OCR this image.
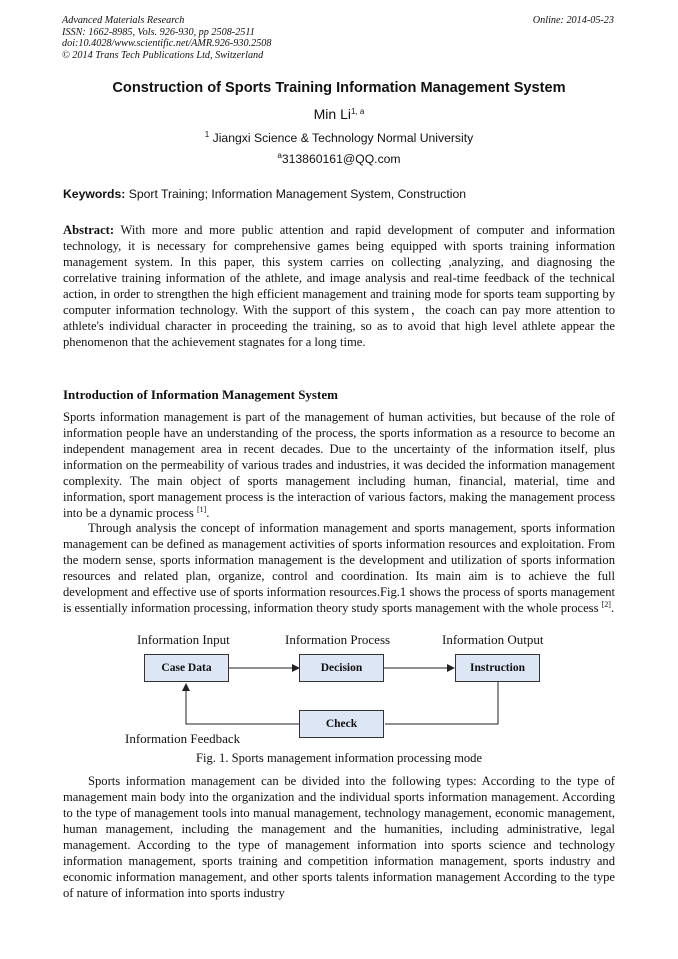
Advanced Materials Research
ISSN: 1662-8985, Vols. 926-930, pp 2508-2511
doi:10.4028/www.scientific.net/AMR.926-930.2508
© 2014 Trans Tech Publications Ltd, Switzerland
Online: 2014-05-23
Construction of Sports Training Information Management System
Min Li$^{1, a}$
$^1$ Jiangxi Science & Technology Normal University
$^a$313860161@QQ.com
Keywords: Sport Training; Information Management System, Construction
Abstract: With more and more public attention and rapid development of computer and information technology, it is necessary for comprehensive games being equipped with sports training information management system. In this paper, this system carries on collecting ,analyzing, and diagnosing the correlative training information of the athlete, and image analysis and real-time feedback of the technical action, in order to strengthen the high efficient management and training mode for sports team supporting by computer information technology. With the support of this system，the coach can pay more attention to athlete's individual character in proceeding the training, so as to avoid that high level athlete appear the phenomenon that the achievement stagnates for a long time.
Introduction of Information Management System
Sports information management is part of the management of human activities, but because of the role of information people have an understanding of the process, the sports information as a resource to become an independent management area in recent decades. Due to the uncertainty of the information itself, plus information on the permeability of various trades and industries, it was decided the information management complexity. The main object of sports management including human, financial, material, time and information, sport management process is the interaction of various factors, making the management process into be a dynamic process [1].
Through analysis the concept of information management and sports management, sports information management can be defined as management activities of sports information resources and exploitation. From the modern sense, sports information management is the development and utilization of sports information resources and related plan, organize, control and coordination. Its main aim is to achieve the full development and effective use of sports information resources.Fig.1 shows the process of sports management is essentially information processing, information theory study sports management with the whole process [2].
Information Input	Information Process	Information Output
Case Data	Decision	Instruction
Check
Information Feedback
Fig. 1. Sports management information processing mode
Sports information management can be divided into the following types: According to the type of management main body into the organization and the individual sports information management. According to the type of management tools into manual management, technology management, economic management, human management, including the management and the humanities, including administrative, legal management. According to the type of management information into sports science and technology information management, sports training and competition information management, sports industry and economic information management, and other sports talents information management According to the type of nature of information into sports industry
